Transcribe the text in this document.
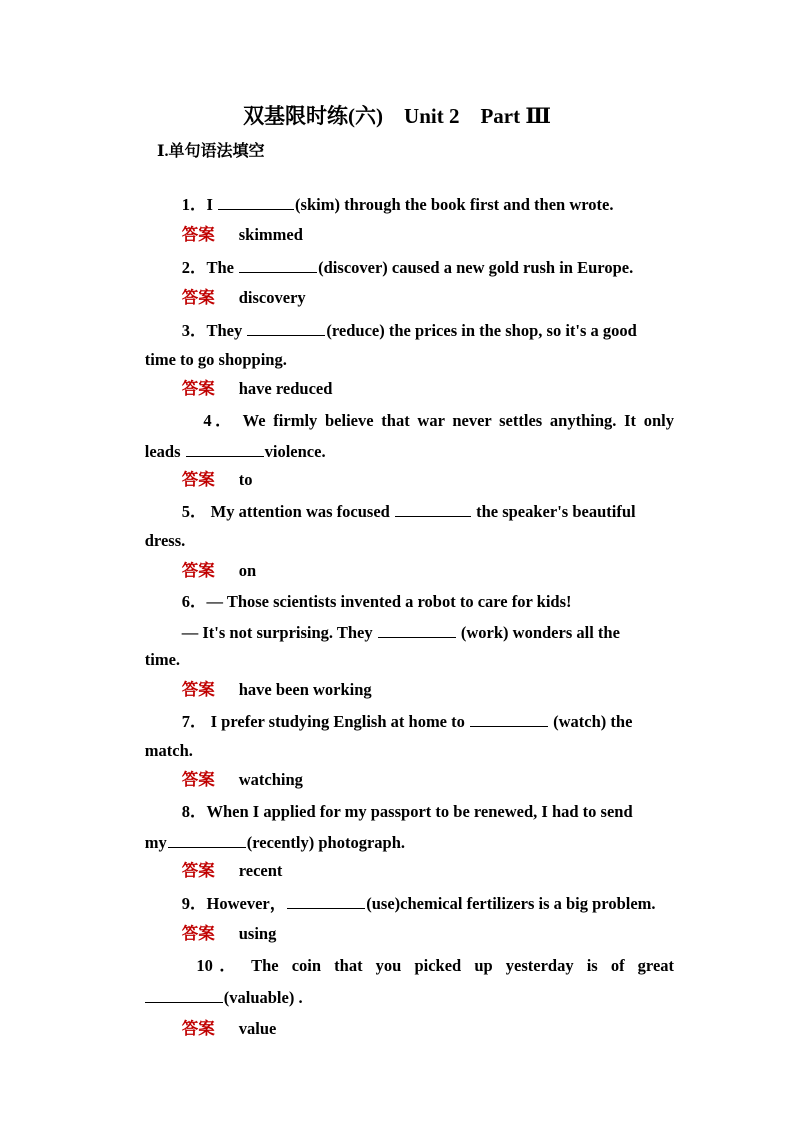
双基限时练(六)    Unit 2    Part Ⅲ
Ⅰ.单句语法填空

1．I	(skim) through the book first and then wrote.

答案 skimmed

2．The	(discover) caused a new gold rush in Europe.

答案 discovery

3．They	(reduce) the prices in the shop, so it's a good

time to go shopping.

答案 have reduced

4． We firmly believe that war never settles anything. It only

leads	violence.

答案 to

5． My attention was focused	the speaker's beautiful

dress.

答案 on

6．— Those scientists invented a robot to care for kids!

— It's not surprising. They	(work) wonders all the

time.

答案 have been working

7． I prefer studying English at home to	(watch) the

match.

答案 watching

8．When I applied for my passport to be renewed, I had to send

my	(recently) photograph.

答案 recent

9．However，	(use)chemical fertilizers is a big problem.

答案 using

10 ．  The  coin  that  you  picked  up  yesterday  is  of  great

(valuable) .

答案 value
